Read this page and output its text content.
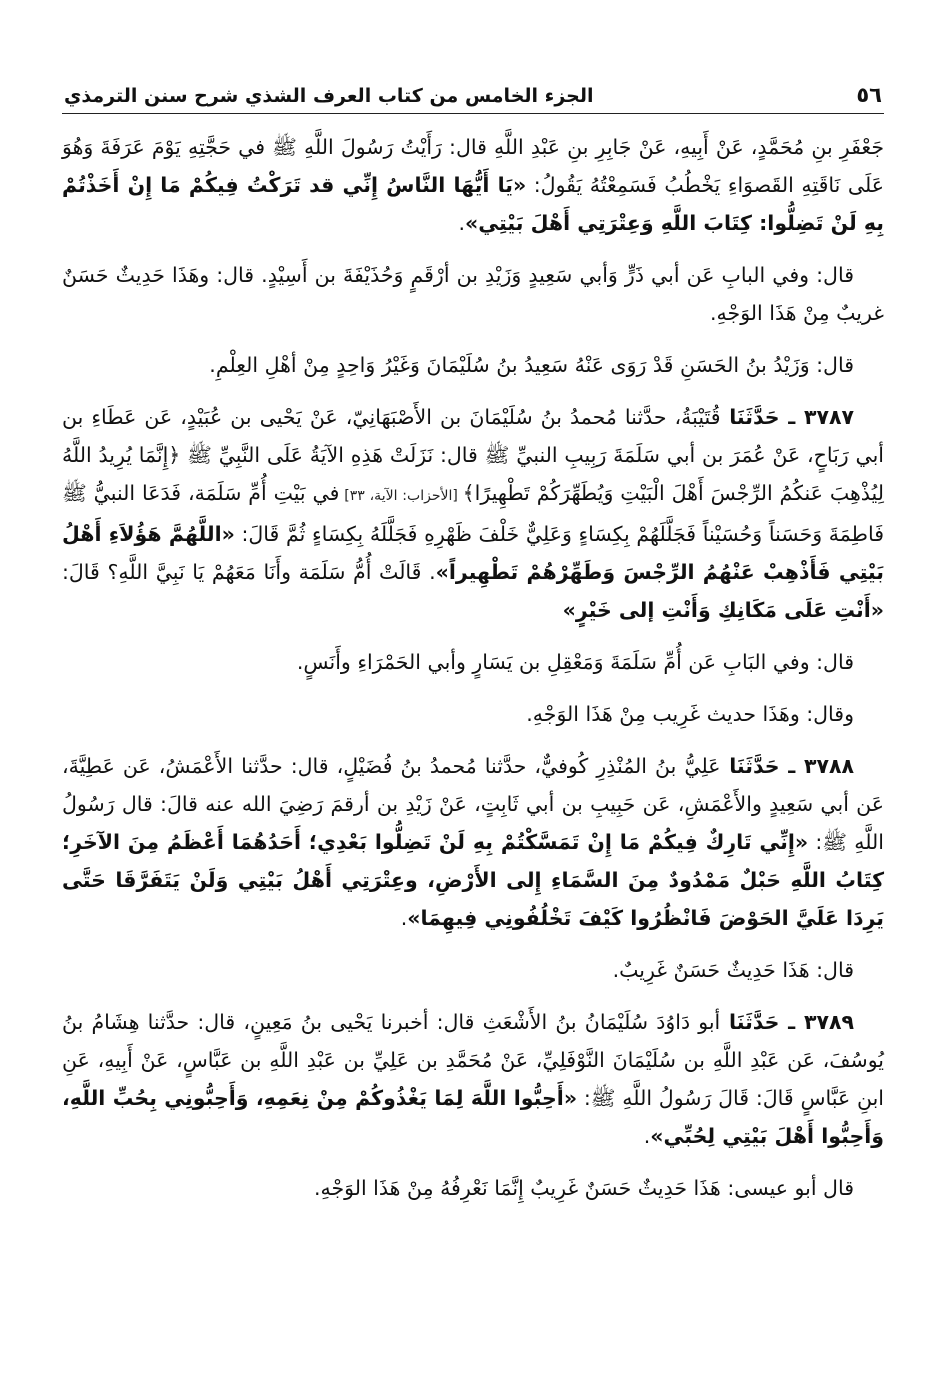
٥٦
الجزء الخامس من كتاب العرف الشذي شرح سنن الترمذي

جَعْفَرِ بنِ مُحَمَّدٍ، عَنْ أَبِيهِ، عَنْ جَابِرِ بنِ عَبْدِ اللَّهِ قال: رَأَيْتُ رَسُولَ اللَّهِ ﷺ في حَجَّتِهِ يَوْمَ عَرَفَةَ وَهُوَ عَلَى نَاقَتِهِ القَصوَاءِ يَخْطُبُ فَسَمِعْتُهُ يَقُولُ: «يَا أَيُّهَا النَّاسُ إِنِّي قد تَرَكْتُ فِيكُمْ مَا إِنْ أَخَذْتُمْ بِهِ لَنْ تَضِلُّوا: كِتَابَ اللَّهِ وَعِتْرَتِي أَهْلَ بَيْتِي».

قال: وفي البابِ عَن أبي ذَرٍّ وَأبي سَعِيدٍ وَزَيْدِ بن أرْقَمٍ وَحُذَيْفَةَ بن أَسِيْدٍ. قال: وهَذَا حَدِيثٌ حَسَنٌ غريبٌ مِنْ هَذَا الوَجْهِ.

قال: وَزَيْدُ بنُ الحَسَنِ قَدْ رَوَى عَنْهُ سَعِيدُ بنُ سُلَيْمَانَ وَغَيْرُ وَاحِدٍ مِنْ أهْلِ العِلْمِ.

٣٧٨٧ ـ حَدَّثَنَا قُتَيْبَةُ، حدَّثنا مُحمدُ بنُ سُلَيْمَانَ بن الأَصْبَهَانِيّ، عَنْ يَحْيى بن عُبَيْدٍ، عَن عَطَاءِ بن أبي رَبَاحٍ، عَنْ عُمَرَ بن أبي سَلَمَةَ رَبِيبِ النبيِّ ﷺ قال: نَزَلَتْ هَذِهِ الآيَةُ عَلَى النَّبِيِّ ﷺ ﴿إِنَّمَا يُرِيدُ اللَّهُ لِيُذْهِبَ عَنكُمُ الرِّجْسَ أَهْلَ الْبَيْتِ وَيُطَهِّرَكُمْ تَطْهِيرًا﴾ [الأحزاب: الآية، ٣٣] في بَيْتِ أُمِّ سَلَمَة، فَدَعَا النبيُّ ﷺ فَاطِمَةَ وَحَسَناً وَحُسَيْناً فَجَلَّلَهُمْ بِكِسَاءٍ وَعَلِيٌّ خَلْفَ ظَهْرِهِ فَجَلَّلَهُ بِكِسَاءٍ ثُمَّ قَالَ: «اللَّهُمَّ هَؤُلاَءِ أَهْلُ بَيْتِي فَأَذْهِبْ عَنْهُمُ الرِّجْسَ وَطَهِّرْهُمْ تَطْهِيراً». قَالَتْ أُمُّ سَلَمَة وأَنَا مَعَهُمْ يَا نَبِيَّ اللَّهِ؟ قَالَ: «أَنْتِ عَلَى مَكَانِكِ وَأَنْتِ إلى خَيْرٍ»

قال: وفي البَابِ عَن أُمِّ سَلَمَةَ وَمَعْقِلِ بن يَسَارٍ وأبي الحَمْرَاءِ وأَنَسٍ.

وقال: وهَذَا حديث غَرِيب مِنْ هَذَا الوَجْهِ.

٣٧٨٨ ـ حَدَّثَنَا عَلِيُّ بنُ المُنْذِرِ كُوفيٌّ، حدَّثنا مُحمدُ بنُ فُضَيْلٍ، قال: حدَّثنا الأَعْمَشُ، عَن عَطِيَّةَ، عَن أبي سَعِيدٍ والأَعْمَشِ، عَن حَبِيبِ بن أبي ثَابِتٍ، عَنْ زَيْدِ بن أرقمَ رَضِيَ الله عنه قالَ: قال رَسُولُ اللَّهِ ﷺ: «إِنِّي تَارِكٌ فِيكُمْ مَا إِنْ تَمَسَّكْتُمْ بِهِ لَنْ تَضِلُّوا بَعْدِي؛ أَحَدُهُمَا أَعْظَمُ مِنَ الآخَرِ؛ كِتَابُ اللَّهِ حَبْلٌ مَمْدُودٌ مِنَ السَّمَاءِ إِلى الأَرْضِ، وعِتْرَتِي أَهْلُ بَيْتِي وَلَنْ يَتَفَرَّقَا حَتَّى يَرِدَا عَلَيَّ الحَوْضَ فَانْظُرُوا كَيْفَ تَخْلُفُونِي فِيهِمَا».

قال: هَذَا حَدِيثٌ حَسَنٌ غَرِيبٌ.

٣٧٨٩ ـ حَدَّثَنَا أبو دَاوُدَ سُلَيْمَانُ بنُ الأَشْعَثِ قال: أخبرنا يَحْيى بنُ مَعِينٍ، قال: حدَّثنا هِشَامُ بنُ يُوسُفَ، عَن عَبْدِ اللَّهِ بن سُلَيْمَانَ النَّوْفَلِيِّ، عَنْ مُحَمَّدِ بن عَلِيِّ بن عَبْدِ اللَّهِ بن عَبَّاسٍ، عَنْ أَبِيهِ، عَنِ ابنِ عَبَّاسٍ قَالَ: قَالَ رَسُولُ اللَّهِ ﷺ: «أَحِبُّوا اللَّهَ لِمَا يَغْذُوكُمْ مِنْ نِعَمِهِ، وَأَحِبُّونِي بِحُبِّ اللَّهِ، وَأَحِبُّوا أَهْلَ بَيْتِي لِحُبِّي».

قال أبو عيسى: هَذَا حَدِيثٌ حَسَنٌ غَرِيبٌ إِنَّمَا نَعْرِفُهُ مِنْ هَذَا الوَجْهِ.
